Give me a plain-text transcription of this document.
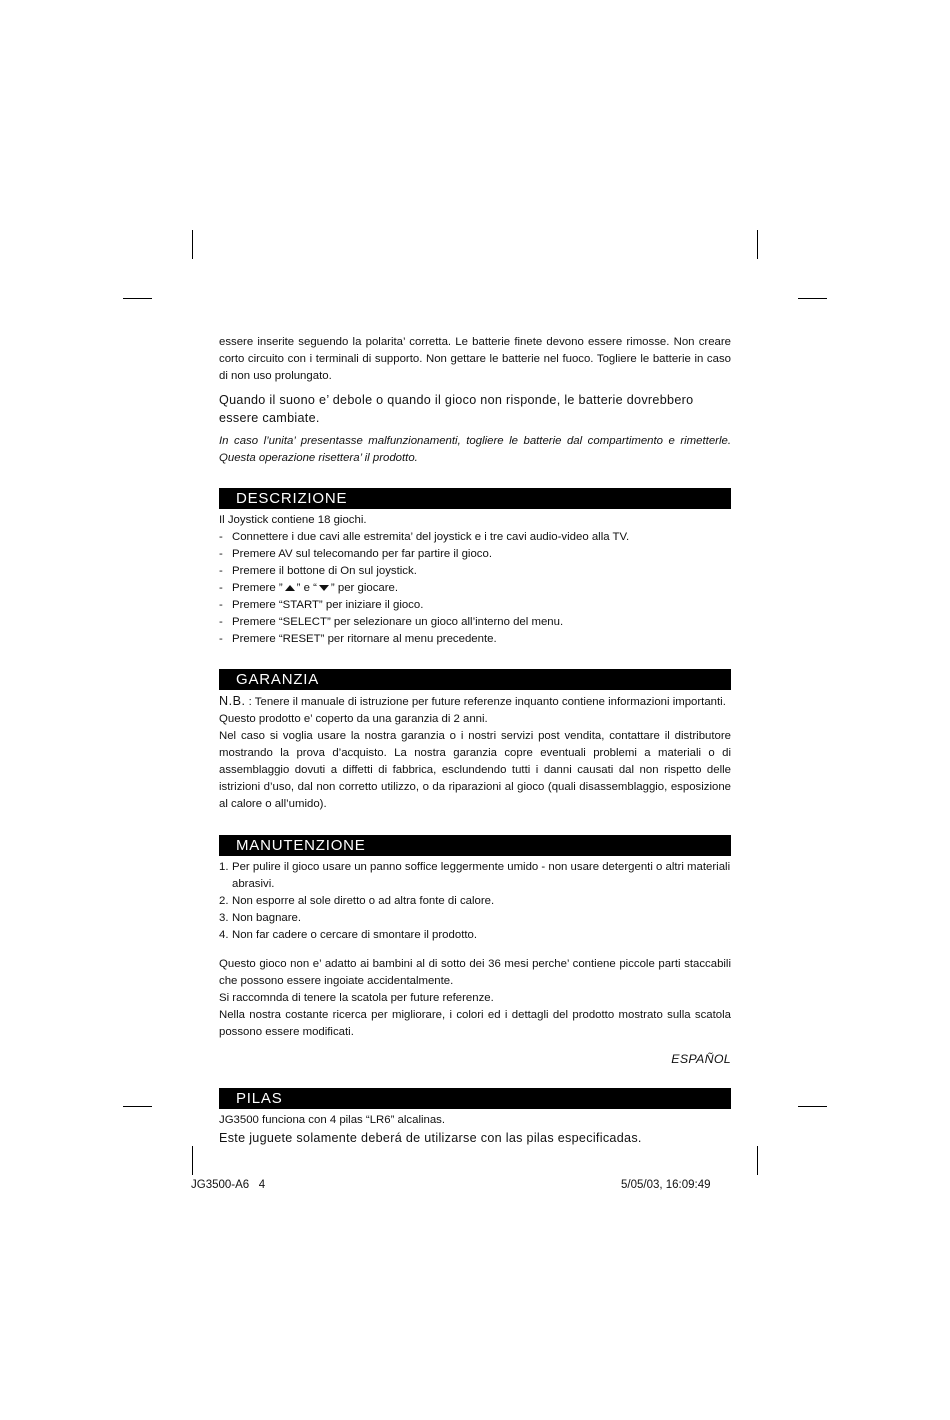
essere inserite seguendo la polarita’ corretta. Le batterie finete devono essere rimosse. Non creare corto circuito con i terminali di supporto. Non gettare le batterie nel fuoco. Togliere le batterie in caso di non uso prolungato.

Quando il suono e’ debole o quando il gioco non risponde, le batterie dovrebbero essere cambiate.

In caso l’unita’ presentasse malfunzionamenti, togliere le batterie dal compartimento e rimetterle. Questa operazione risettera’ il prodotto.

DESCRIZIONE

Il Joystick contiene 18 giochi.

- Connettere i due cavi alle estremita’ del joystick e i tre cavi audio-video alla TV.
- Premere AV sul telecomando per far partire il gioco.
- Premere il bottone di On sul joystick.
- Premere ” ” e “ ” per giocare.
- Premere “START” per iniziare il gioco.
- Premere “SELECT” per selezionare un gioco all’interno del menu.
- Premere “RESET” per ritornare al menu precedente.
GARANZIA

N.B. : Tenere il manuale di istruzione per future referenze inquanto contiene informazioni importanti.

Questo prodotto e’ coperto da una garanzia di 2 anni.

Nel caso si voglia usare la nostra garanzia o i nostri servizi post vendita, contattare il distributore mostrando la prova d’acquisto. La nostra garanzia copre eventuali problemi a materiali o di assemblaggio dovuti a diffetti di fabbrica, esclundendo tutti i danni causati dal non rispetto delle istrizioni d’uso, dal non corretto utilizzo, o da riparazioni al gioco (quali disassemblaggio, esposizione al calore o all’umido).

MANUTENZIONE
1. Per pulire il gioco usare un panno soffice leggermente umido - non usare detergenti o altri materiali abrasivi.
2. Non esporre al sole diretto o ad altra fonte di calore.
3. Non bagnare.
4. Non far cadere o cercare di smontare il prodotto.

Questo gioco non e’ adatto ai bambini al di sotto dei 36 mesi perche’ contiene piccole parti staccabili che possono essere ingoiate accidentalmente.

Si raccomnda di tenere la scatola per future referenze.

Nella nostra costante ricerca per migliorare, i colori ed i dettagli del prodotto mostrato sulla scatola possono essere modificati.

ESPAÑOL

PILAS

JG3500 funciona con 4 pilas “LR6” alcalinas.

Este juguete solamente deberá de utilizarse con las pilas especificadas.

JG3500-A6   4	5/05/03, 16:09:49
